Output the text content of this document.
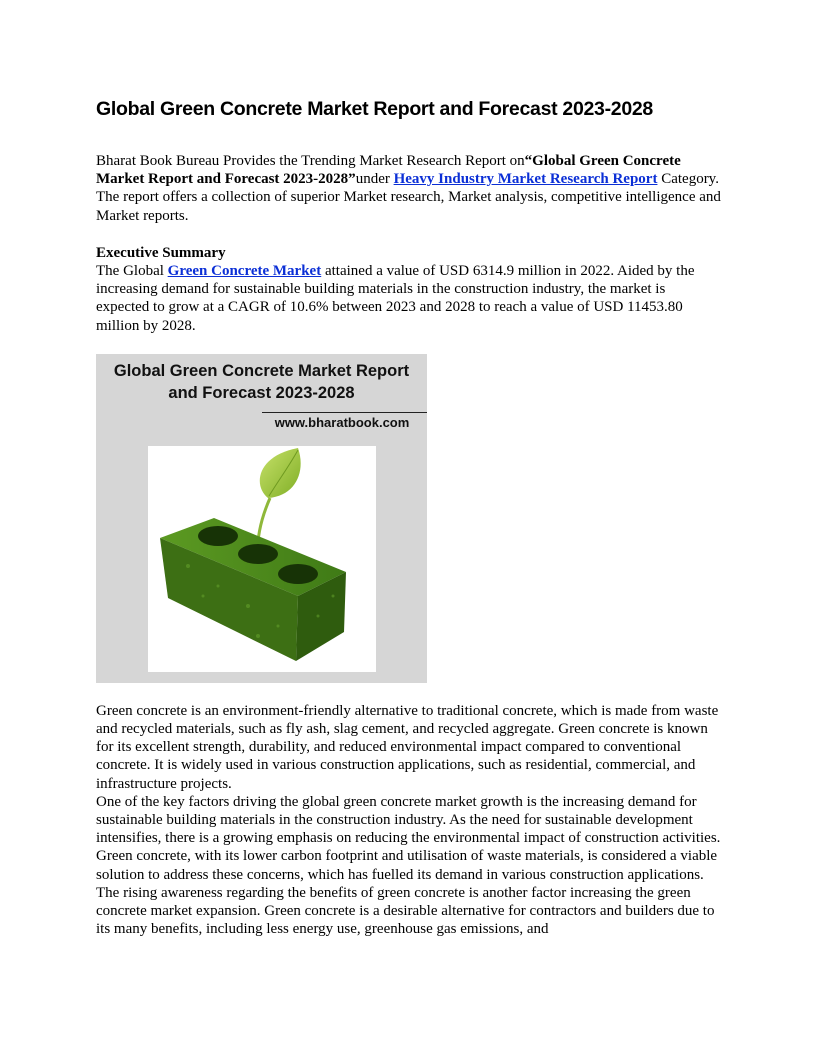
Global Green Concrete Market Report and Forecast 2023-2028

Bharat Book Bureau Provides the Trending Market Research Report on“Global Green Concrete Market Report and Forecast 2023-2028”under Heavy Industry Market Research Report Category. The report offers a collection of superior Market research, Market analysis, competitive intelligence and Market reports.

Executive Summary
The Global Green Concrete Market attained a value of USD 6314.9 million in 2022. Aided by the increasing demand for sustainable building materials in the construction industry, the market is expected to grow at a CAGR of 10.6% between 2023 and 2028 to reach a value of USD 11453.80 million by 2028.

Global Green Concrete Market Report
and Forecast 2023-2028
www.bharatbook.com

Green concrete is an environment-friendly alternative to traditional concrete, which is made from waste and recycled materials, such as fly ash, slag cement, and recycled aggregate. Green concrete is known for its excellent strength, durability, and reduced environmental impact compared to conventional concrete. It is widely used in various construction applications, such as residential, commercial, and infrastructure projects.

One of the key factors driving the global green concrete market growth is the increasing demand for sustainable building materials in the construction industry. As the need for sustainable development intensifies, there is a growing emphasis on reducing the environmental impact of construction activities. Green concrete, with its lower carbon footprint and utilisation of waste materials, is considered a viable solution to address these concerns, which has fuelled its demand in various construction applications.

The rising awareness regarding the benefits of green concrete is another factor increasing the green concrete market expansion. Green concrete is a desirable alternative for contractors and builders due to its many benefits, including less energy use, greenhouse gas emissions, and
